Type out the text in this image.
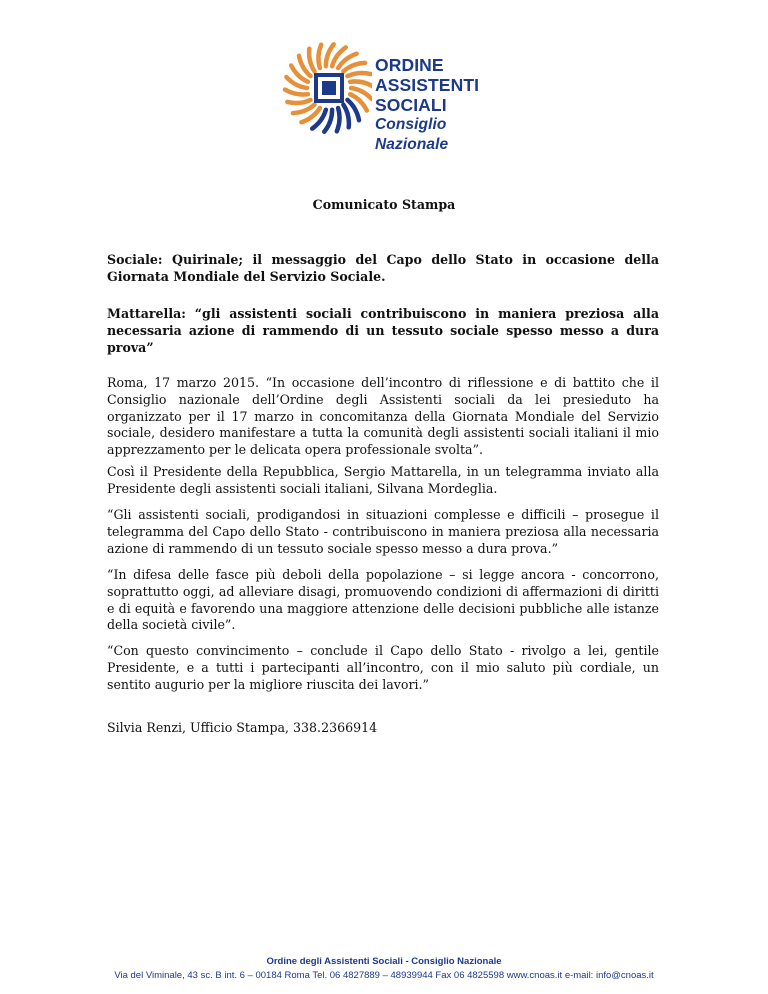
ORDINE
ASSISTENTI
SOCIALI
Consiglio Nazionale
Comunicato Stampa
Sociale: Quirinale; il messaggio del Capo dello Stato in occasione della Giornata Mondiale del Servizio Sociale.
Mattarella: “gli assistenti sociali contribuiscono in maniera preziosa alla necessaria azione di rammendo di un tessuto sociale spesso messo a dura prova”
Roma, 17 marzo 2015. “In occasione dell’incontro di riflessione e di battito che il Consiglio nazionale dell’Ordine degli Assistenti sociali da lei presieduto ha organizzato per il 17 marzo in concomitanza della Giornata Mondiale del Servizio sociale, desidero manifestare a tutta la comunità degli assistenti sociali italiani il mio apprezzamento per le delicata opera professionale svolta”.
Così il Presidente della Repubblica, Sergio Mattarella, in un telegramma inviato alla Presidente degli assistenti sociali italiani, Silvana Mordeglia.
“Gli assistenti sociali, prodigandosi in situazioni complesse e difficili – prosegue il telegramma del Capo dello Stato - contribuiscono in maniera preziosa alla necessaria azione di rammendo di un tessuto sociale spesso messo a dura prova.”
“In difesa delle fasce più deboli della popolazione – si legge ancora - concorrono, soprattutto oggi, ad alleviare disagi, promuovendo condizioni di affermazioni di diritti e di equità e favorendo una maggiore attenzione delle decisioni pubbliche alle istanze della società civile”.
“Con questo convincimento – conclude il Capo dello Stato - rivolgo a lei, gentile Presidente, e a tutti i partecipanti all’incontro, con il mio saluto più cordiale, un sentito augurio per la migliore riuscita dei lavori.”
Silvia Renzi, Ufficio Stampa, 338.2366914
Ordine degli Assistenti Sociali - Consiglio Nazionale
Via del Viminale, 43 sc. B int. 6 – 00184 Roma Tel. 06 4827889 – 48939944 Fax 06 4825598 www.cnoas.it e-mail: info@cnoas.it
